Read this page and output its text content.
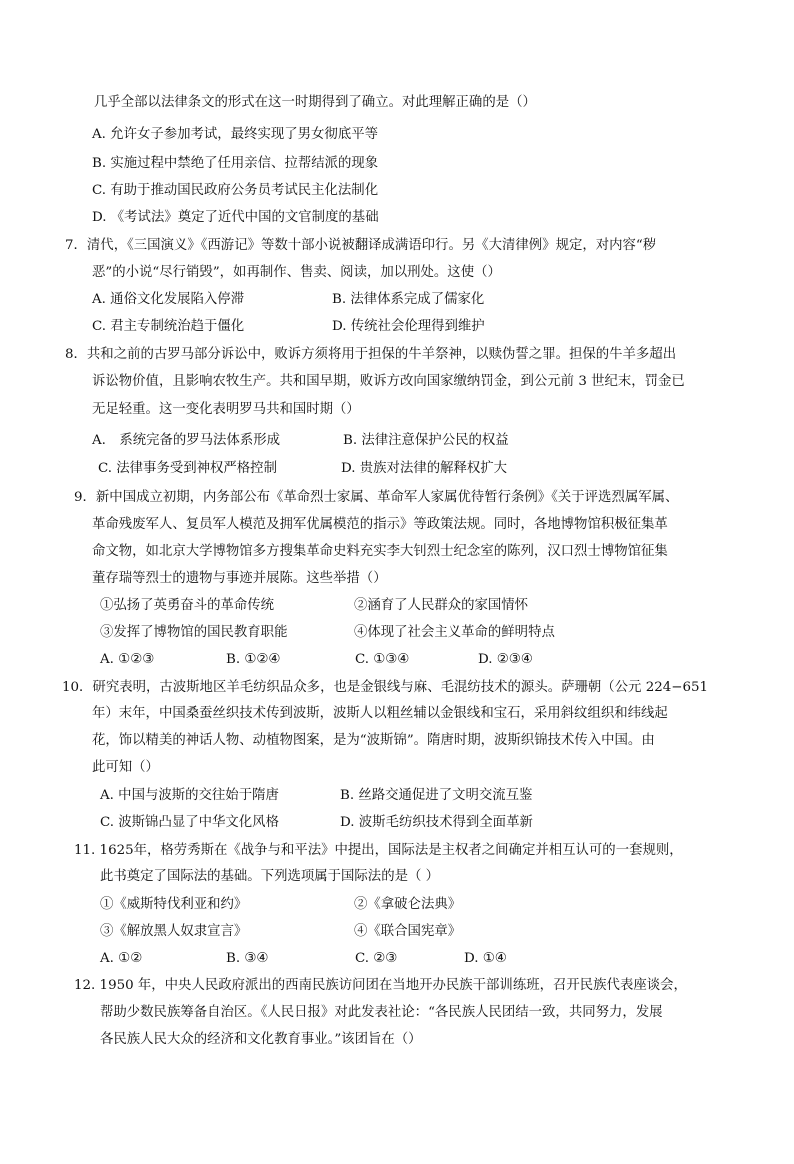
几乎全部以法律条文的形式在这一时期得到了确立。对此理解正确的是（）
A. 允许女子参加考试，最终实现了男女彻底平等
B. 实施过程中禁绝了任用亲信、拉帮结派的现象
C. 有助于推动国民政府公务员考试民主化法制化
D. 《考试法》奠定了近代中国的文官制度的基础
7．清代，《三国演义》《西游记》等数十部小说被翻译成满语印行。另《大清律例》规定，对内容“秽
恶”的小说“尽行销毁”，如再制作、售卖、阅读，加以刑处。这使（）
A. 通俗文化发展陷入停滞	B. 法律体系完成了儒家化
C. 君主专制统治趋于僵化	D. 传统社会伦理得到维护
8．共和之前的古罗马部分诉讼中，败诉方须将用于担保的牛羊祭神，以赎伪誓之罪。担保的牛羊多超出
诉讼物价值，且影响农牧生产。共和国早期，败诉方改向国家缴纳罚金，到公元前 3 世纪末，罚金已
无足轻重。这一变化表明罗马共和国时期（）
A.　系统完备的罗马法体系形成	B. 法律注意保护公民的权益
C. 法律事务受到神权严格控制	D. 贵族对法律的解释权扩大
9．新中国成立初期，内务部公布《革命烈士家属、革命军人家属优待暂行条例》《关于评选烈属军属、
革命残废军人、复员军人模范及拥军优属模范的指示》等政策法规。同时，各地博物馆积极征集革
命文物，如北京大学博物馆多方搜集革命史料充实李大钊烈士纪念室的陈列，汉口烈士博物馆征集
董存瑞等烈士的遗物与事迹并展陈。这些举措（）
①弘扬了英勇奋斗的革命传统	②涵育了人民群众的家国情怀
③发挥了博物馆的国民教育职能	④体现了社会主义革命的鲜明特点
A. ①②③	B. ①②④	C. ①③④	D. ②③④
10．研究表明，古波斯地区羊毛纺织品众多，也是金银线与麻、毛混纺技术的源头。萨珊朝（公元 224−651
年）末年，中国桑蚕丝织技术传到波斯，波斯人以粗丝辅以金银线和宝石，采用斜纹组织和纬线起
花，饰以精美的神话人物、动植物图案，是为“波斯锦”。隋唐时期，波斯织锦技术传入中国。由
此可知（）
A. 中国与波斯的交往始于隋唐	B. 丝路交通促进了文明交流互鉴
C. 波斯锦凸显了中华文化风格	D. 波斯毛纺织技术得到全面革新
11. 1625年，格劳秀斯在《战争与和平法》中提出，国际法是主权者之间确定并相互认可的一套规则，
此书奠定了国际法的基础。下列选项属于国际法的是（ ）
①《威斯特伐利亚和约》	②《拿破仑法典》
③《解放黑人奴隶宣言》	④《联合国宪章》
A. ①②	B. ③④	C. ②③	D. ①④
12. 1950 年，中央人民政府派出的西南民族访问团在当地开办民族干部训练班，召开民族代表座谈会，
帮助少数民族筹备自治区。《人民日报》对此发表社论：“各民族人民团结一致，共同努力，发展
各民族人民大众的经济和文化教育事业。”该团旨在（）
